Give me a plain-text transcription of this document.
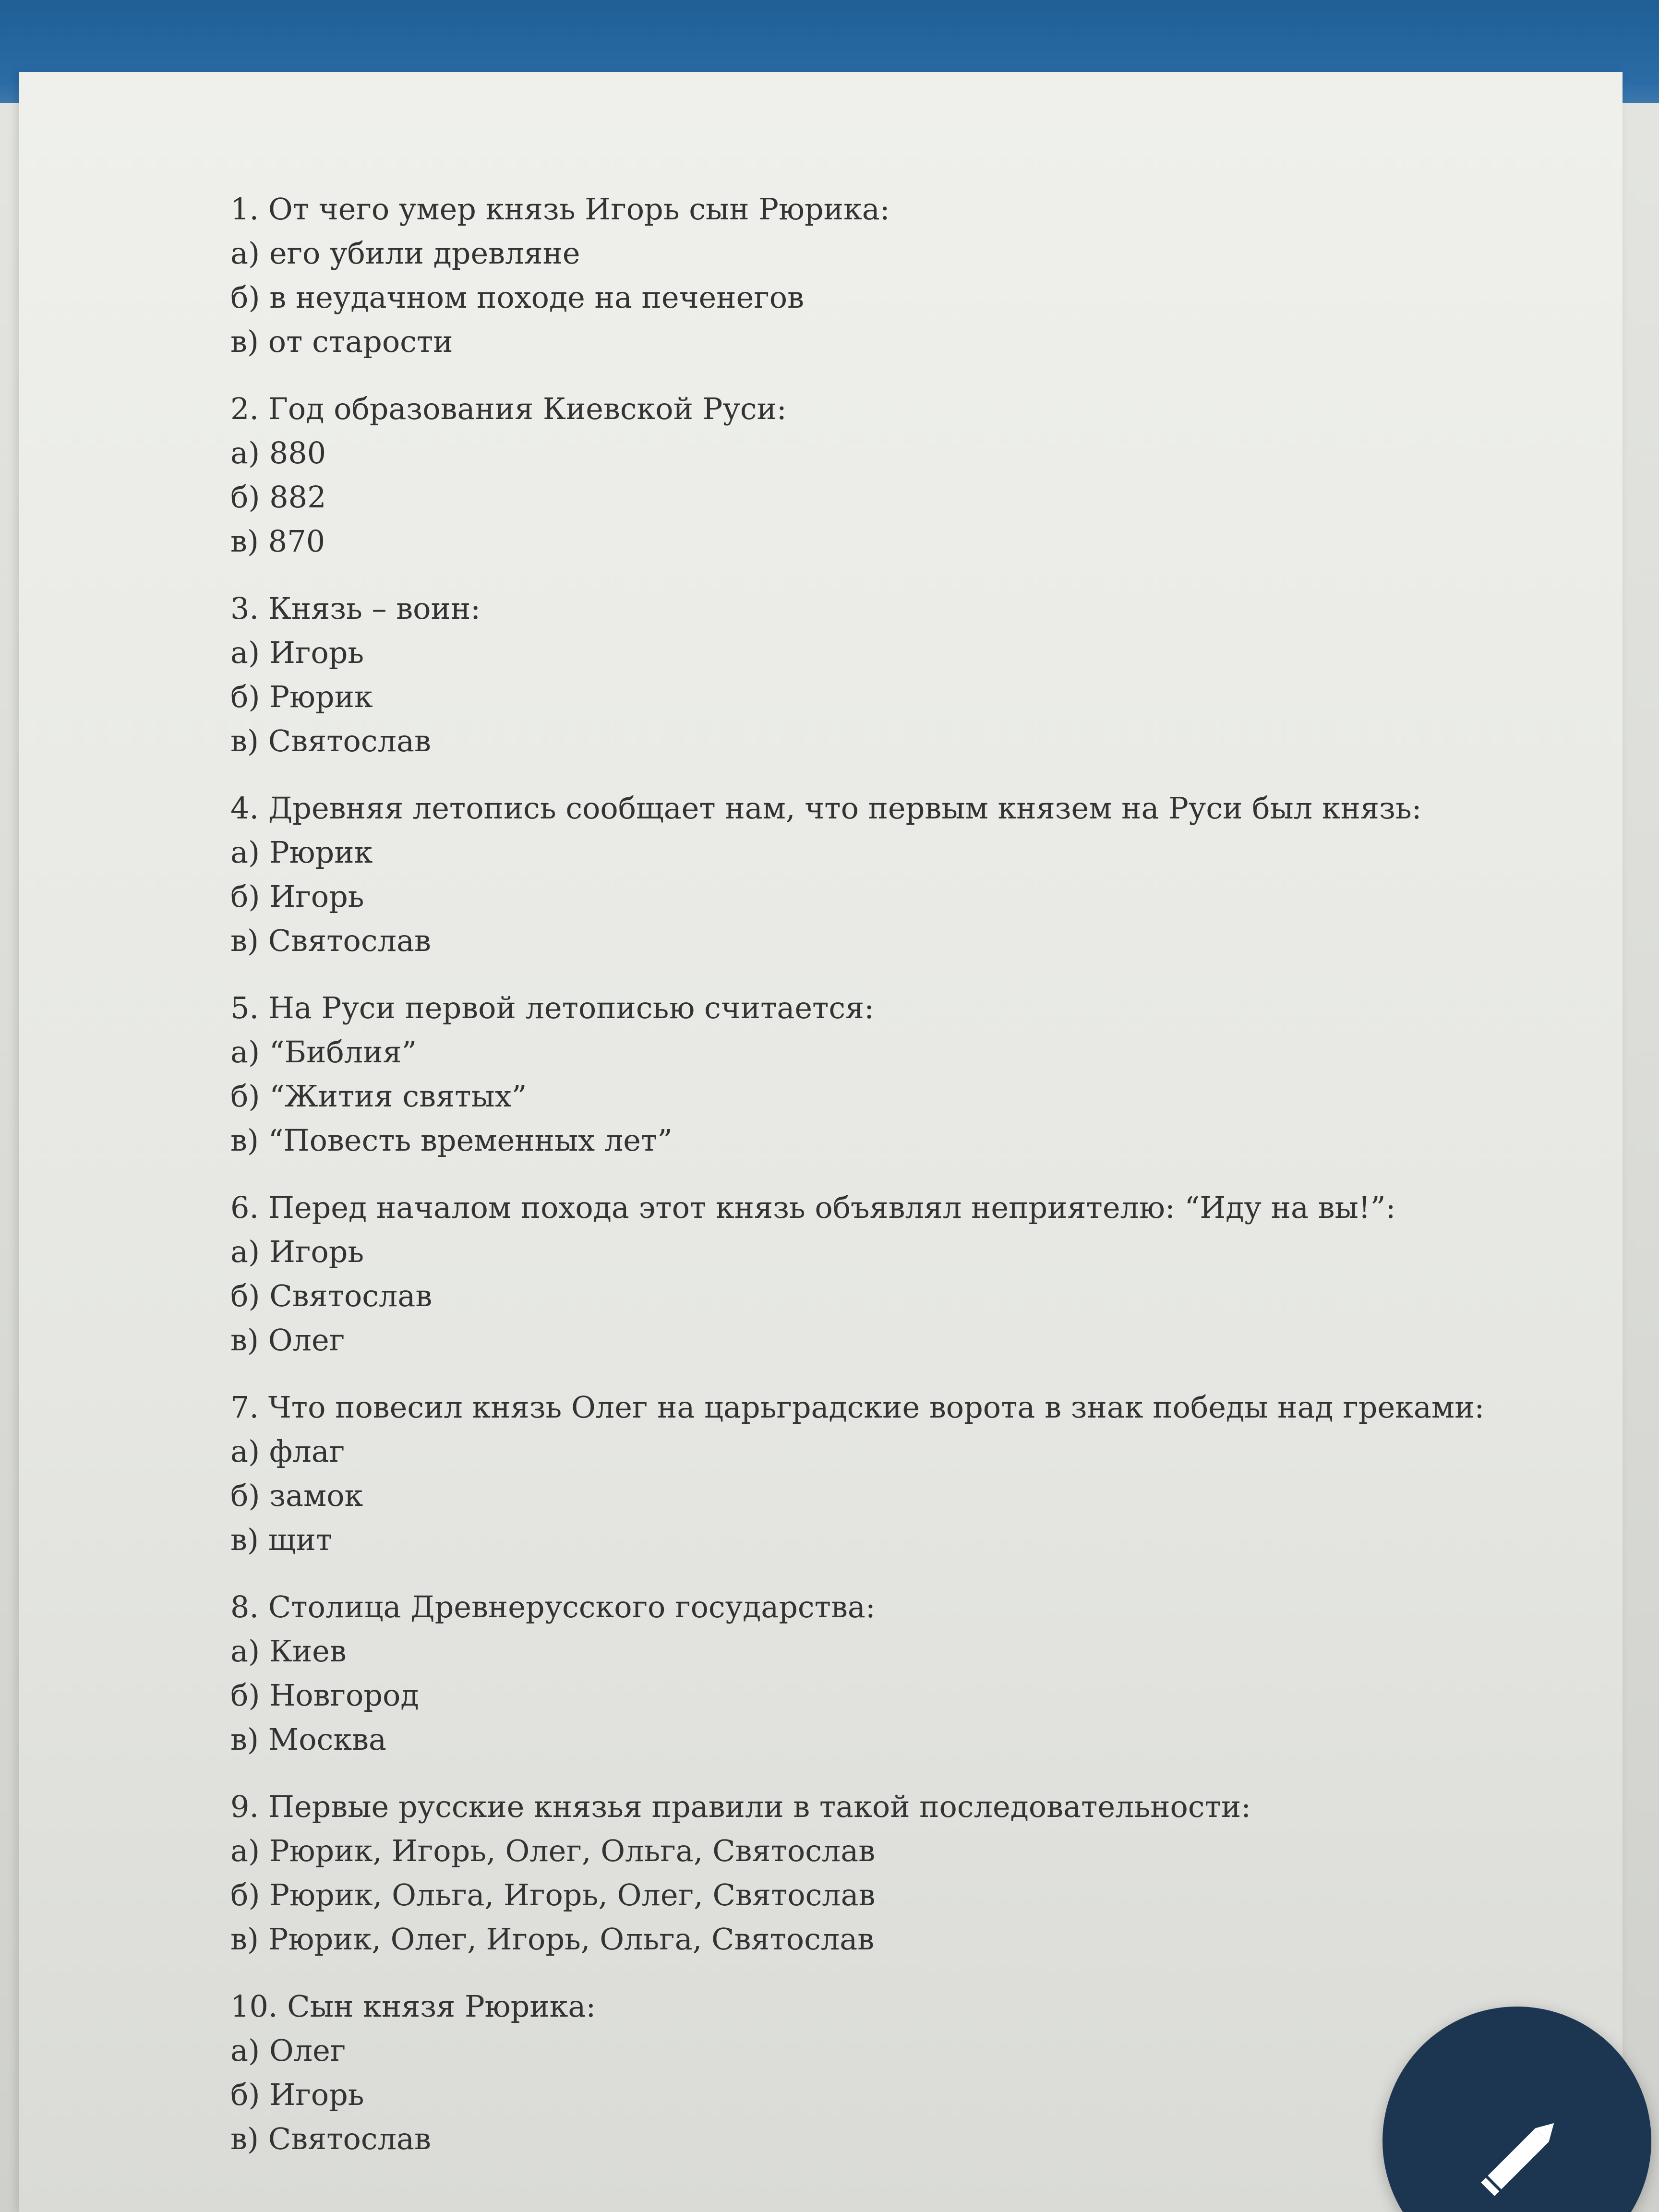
1. От чего умер князь Игорь сын Рюрика:

а) его убили древляне

б) в неудачном походе на печенегов

в) от старости

2. Год образования Киевской Руси:

а) 880

б) 882

в) 870

3. Князь – воин:

а) Игорь

б) Рюрик

в) Святослав

4. Древняя летопись сообщает нам, что первым князем на Руси был князь:

а) Рюрик

б) Игорь

в) Святослав

5. На Руси первой летописью считается:

а) “Библия”

б) “Жития святых”

в) “Повесть временных лет”

6. Перед началом похода этот князь объявлял неприятелю: “Иду на вы!”:

а) Игорь

б) Святослав

в) Олег

7. Что повесил князь Олег на царьградские ворота в знак победы над греками:

а) флаг

б) замок

в) щит

8. Столица Древнерусского государства:

а) Киев

б) Новгород

в) Москва

9. Первые русские князья правили в такой последовательности:

а) Рюрик, Игорь, Олег, Ольга, Святослав

б) Рюрик, Ольга, Игорь, Олег, Святослав

в) Рюрик, Олег, Игорь, Ольга, Святослав

10. Сын князя Рюрика:

а) Олег

б) Игорь

в) Святослав
